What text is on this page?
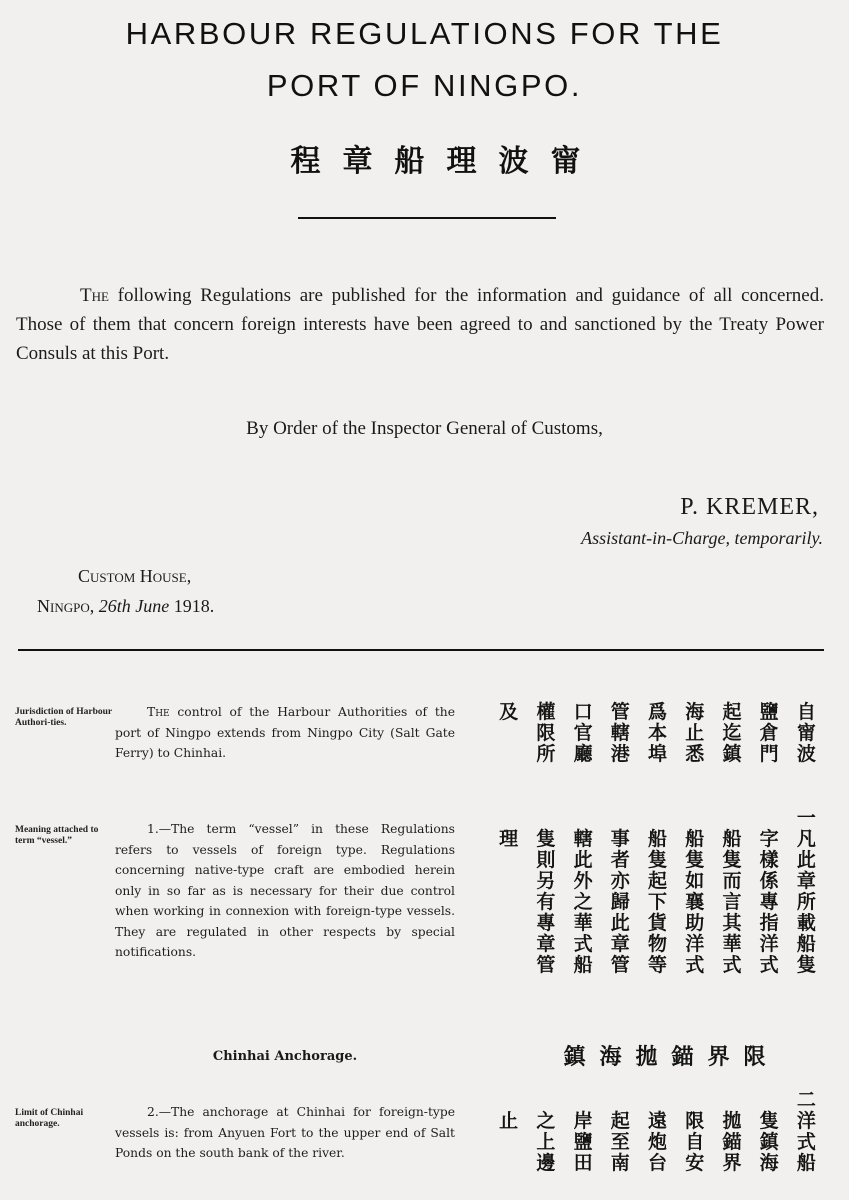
HARBOUR REGULATIONS FOR THE
PORT OF NINGPO.
程章船理波甯
The following Regulations are published for the information and guidance of all concerned. Those of them that concern foreign interests have been agreed to and sanctioned by the Treaty Power Consuls at this Port.
By Order of the Inspector General of Customs,
P. KREMER,
Assistant-in-Charge, temporarily.
Custom House,
Ningpo, 26th June 1918.
Jurisdiction of Harbour Authori-ties.
The control of the Harbour Authorities of the port of Ningpo extends from Ningpo City (Salt Gate Ferry) to Chinhai.
自
甯
波
鹽
倉
門
起
迄
鎮
海
止
悉
爲
本
埠
管
轄
港
口
官
廳
權
限
所
及
Meaning attached to term “vessel.”
1.—The term “vessel” in these Regulations refers to vessels of foreign type. Regulations concerning native-type craft are embodied herein only in so far as is necessary for their due control when working in connexion with foreign-type vessels. They are regulated in other respects by special notifications.
一
凡
此
章
所
載
船
隻

字
樣
係
專
指
洋
式

船
隻
而
言
其
華
式

船
隻
如
襄
助
洋
式

船
隻
起
下
貨
物
等

事
者
亦
歸
此
章
管

轄
此
外
之
華
式
船

隻
則
另
有
專
章
管

理
Chinhai Anchorage.	鎮海拋錨界限
Limit of Chinhai anchorage.
2.—The anchorage at Chinhai for foreign-type vessels is: from Anyuen Fort to the upper end of Salt Ponds on the south bank of the river.
二
洋
式
船

隻
鎮
海

拋
錨
界

限
自
安

遠
炮
台

起
至
南

岸
鹽
田

之
上
邊

止
